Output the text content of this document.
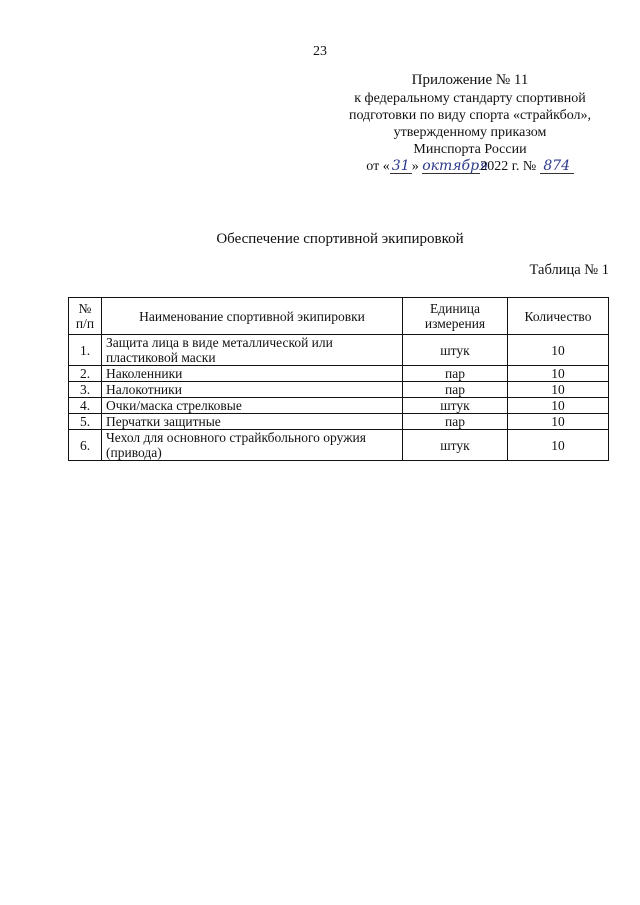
23
Приложение № 11
к федеральному стандарту спортивной
подготовки по виду спорта «страйкбол»,
утвержденному приказом
Минспорта России
от « 31 » октября2022 г. № 874
Обеспечение спортивной экипировкой
Таблица № 1
№ п/п	Наименование спортивной экипировки	Единица измерения	Количество
1.	Защита лица в виде металлической или пластиковой маски	штук	10
2.	Наколенники	пар	10
3.	Налокотники	пар	10
4.	Очки/маска стрелковые	штук	10
5.	Перчатки защитные	пар	10
6.	Чехол для основного страйкбольного оружия (привода)	штук	10
